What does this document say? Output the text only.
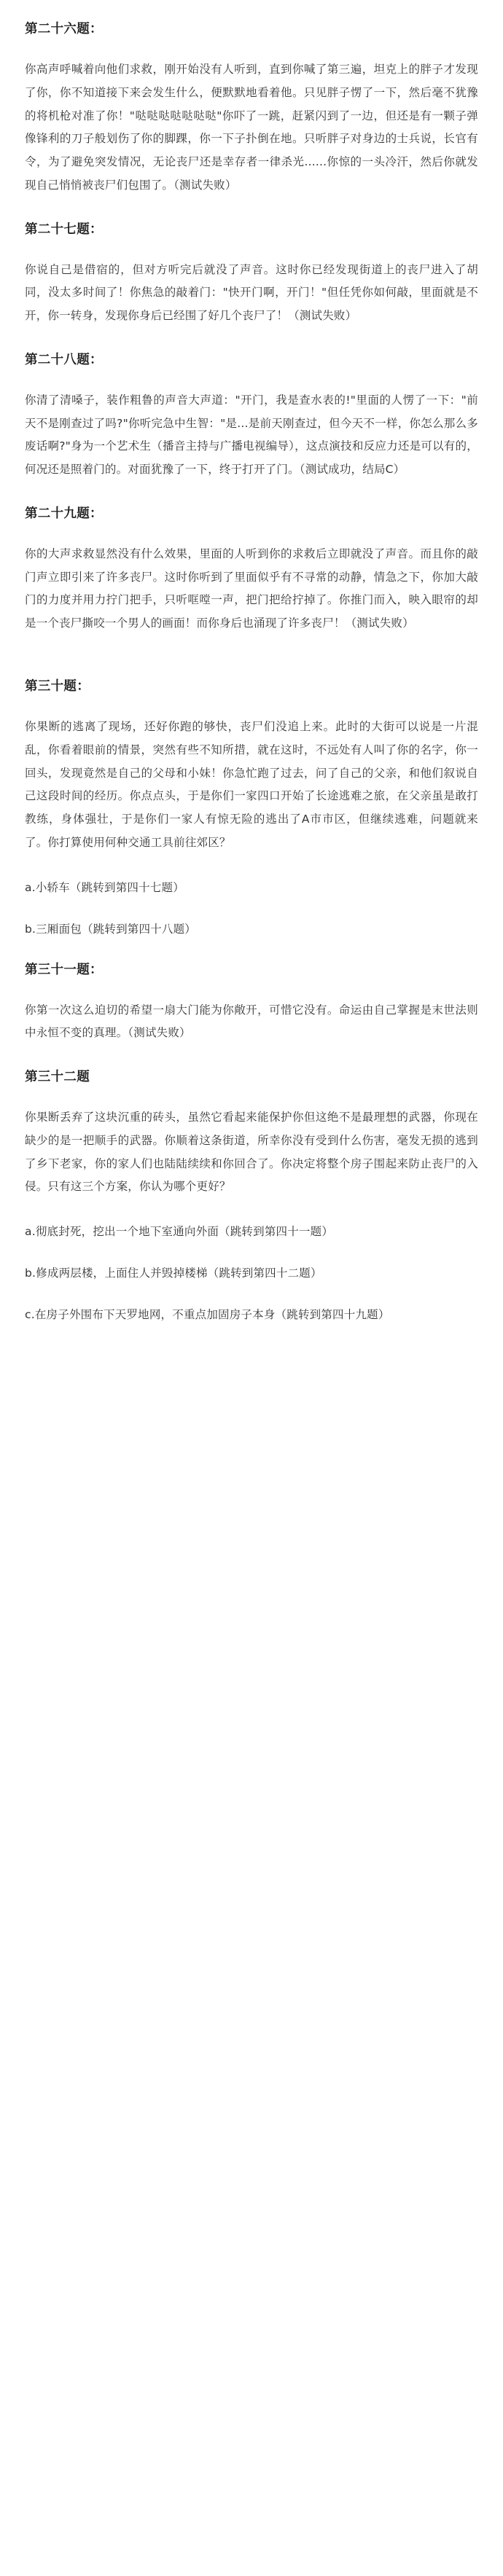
第二十六题：

你高声呼喊着向他们求救，刚开始没有人听到，直到你喊了第三遍，坦克上的胖子才发现了你，你不知道接下来会发生什么，便默默地看着他。只见胖子愣了一下，然后毫不犹豫的将机枪对准了你！"哒哒哒哒哒哒哒"你吓了一跳，赶紧闪到了一边，但还是有一颗子弹像锋利的刀子般划伤了你的脚踝，你一下子扑倒在地。只听胖子对身边的士兵说，长官有令，为了避免突发情况，无论丧尸还是幸存者一律杀光......你惊的一头冷汗，然后你就发现自己悄悄被丧尸们包围了。（测试失败）

第二十七题：

你说自己是借宿的，但对方听完后就没了声音。这时你已经发现街道上的丧尸进入了胡同，没太多时间了！你焦急的敲着门："快开门啊，开门！"但任凭你如何敲，里面就是不开，你一转身，发现你身后已经围了好几个丧尸了！（测试失败）

第二十八题：

你清了清嗓子，装作粗鲁的声音大声道："开门，我是查水表的!"里面的人愣了一下："前天不是刚查过了吗?"你听完急中生智："是...是前天刚查过，但今天不一样，你怎么那么多废话啊?"身为一个艺术生（播音主持与广播电视编导），这点演技和反应力还是可以有的，何况还是照着门的。对面犹豫了一下，终于打开了门。（测试成功，结局C）

第二十九题：

你的大声求救显然没有什么效果，里面的人听到你的求救后立即就没了声音。而且你的敲门声立即引来了许多丧尸。这时你听到了里面似乎有不寻常的动静，情急之下，你加大敲门的力度并用力拧门把手，只听哐嘡一声，把门把给拧掉了。你推门而入，映入眼帘的却是一个丧尸撕咬一个男人的画面！而你身后也涌现了许多丧尸！（测试失败）

第三十题：

你果断的逃离了现场，还好你跑的够快，丧尸们没追上来。此时的大街可以说是一片混乱，你看着眼前的情景，突然有些不知所措，就在这时，不远处有人叫了你的名字，你一回头，发现竟然是自己的父母和小妹！你急忙跑了过去，问了自己的父亲，和他们叙说自己这段时间的经历。你点点头，于是你们一家四口开始了长途逃难之旅，在父亲虽是敢打教练，身体强壮，于是你们一家人有惊无险的逃出了A市市区，但继续逃难，问题就来了。你打算使用何种交通工具前往郊区？

a.小轿车（跳转到第四十七题）

b.三厢面包（跳转到第四十八题）

第三十一题：

你第一次这么迫切的希望一扇大门能为你敞开，可惜它没有。命运由自己掌握是末世法则中永恒不变的真理。（测试失败）

第三十二题

你果断丢弃了这块沉重的砖头，虽然它看起来能保护你但这绝不是最理想的武器，你现在缺少的是一把顺手的武器。你顺着这条街道，所幸你没有受到什么伤害，毫发无损的逃到了乡下老家，你的家人们也陆陆续续和你回合了。你决定将整个房子围起来防止丧尸的入侵。只有这三个方案，你认为哪个更好？

a.彻底封死，挖出一个地下室通向外面（跳转到第四十一题）

b.修成两层楼，上面住人并毁掉楼梯（跳转到第四十二题）

c.在房子外围布下天罗地网，不重点加固房子本身（跳转到第四十九题）
